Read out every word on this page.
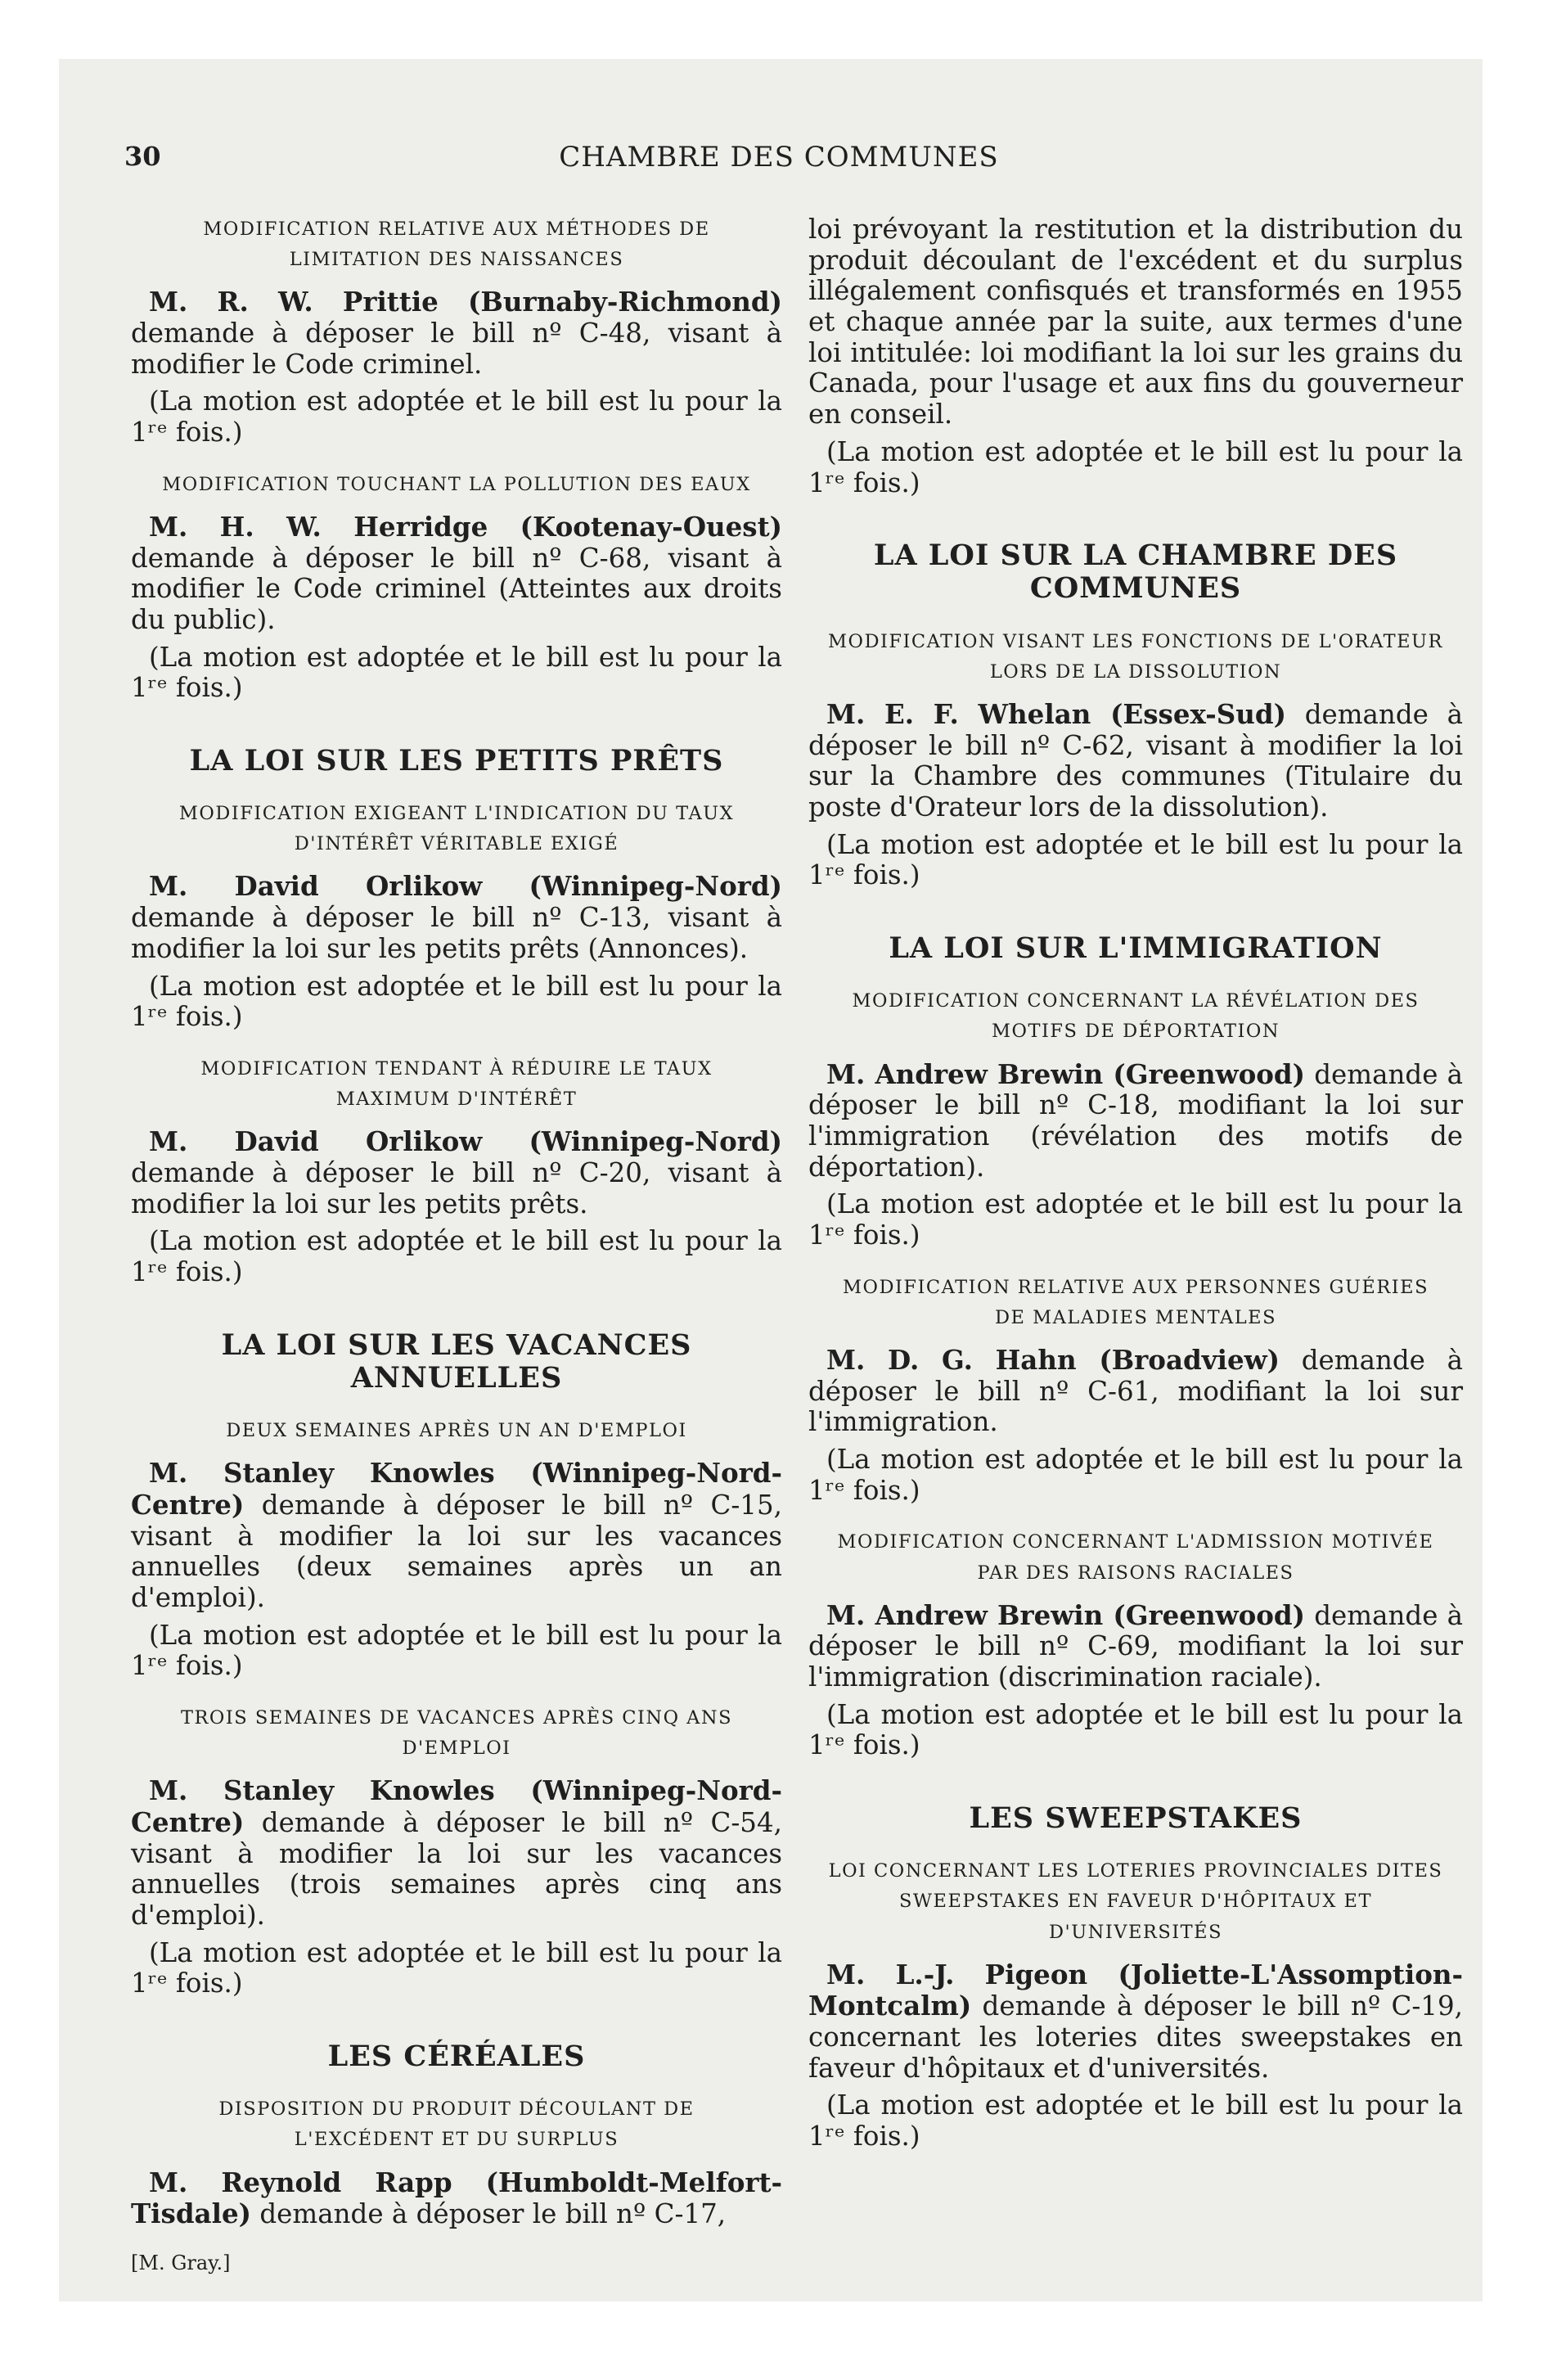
30	CHAMBRE DES COMMUNES
MODIFICATION RELATIVE AUX MÉTHODES DE LIMITATION DES NAISSANCES

M. R. W. Prittie (Burnaby-Richmond) demande à déposer le bill nº C-48, visant à modifier le Code criminel.

(La motion est adoptée et le bill est lu pour la 1ʳᵉ fois.)

MODIFICATION TOUCHANT LA POLLUTION DES EAUX

M. H. W. Herridge (Kootenay-Ouest) demande à déposer le bill nº C-68, visant à modifier le Code criminel (Atteintes aux droits du public).

(La motion est adoptée et le bill est lu pour la 1ʳᵉ fois.)

LA LOI SUR LES PETITS PRÊTS
MODIFICATION EXIGEANT L'INDICATION DU TAUX D'INTÉRÊT VÉRITABLE EXIGÉ

M. David Orlikow (Winnipeg-Nord) demande à déposer le bill nº C-13, visant à modifier la loi sur les petits prêts (Annonces).

(La motion est adoptée et le bill est lu pour la 1ʳᵉ fois.)

MODIFICATION TENDANT À RÉDUIRE LE TAUX MAXIMUM D'INTÉRÊT

M. David Orlikow (Winnipeg-Nord) demande à déposer le bill nº C-20, visant à modifier la loi sur les petits prêts.

(La motion est adoptée et le bill est lu pour la 1ʳᵉ fois.)

LA LOI SUR LES VACANCES ANNUELLES
DEUX SEMAINES APRÈS UN AN D'EMPLOI

M. Stanley Knowles (Winnipeg-Nord-Centre) demande à déposer le bill nº C-15, visant à modifier la loi sur les vacances annuelles (deux semaines après un an d'emploi).

(La motion est adoptée et le bill est lu pour la 1ʳᵉ fois.)

TROIS SEMAINES DE VACANCES APRÈS CINQ ANS D'EMPLOI

M. Stanley Knowles (Winnipeg-Nord-Centre) demande à déposer le bill nº C-54, visant à modifier la loi sur les vacances annuelles (trois semaines après cinq ans d'emploi).

(La motion est adoptée et le bill est lu pour la 1ʳᵉ fois.)

LES CÉRÉALES
DISPOSITION DU PRODUIT DÉCOULANT DE L'EXCÉDENT ET DU SURPLUS

M. Reynold Rapp (Humboldt-Melfort-Tisdale) demande à déposer le bill nº C-17,

[M. Gray.]

loi prévoyant la restitution et la distribution du produit découlant de l'excédent et du surplus illégalement confisqués et transformés en 1955 et chaque année par la suite, aux termes d'une loi intitulée: loi modifiant la loi sur les grains du Canada, pour l'usage et aux fins du gouverneur en conseil.

(La motion est adoptée et le bill est lu pour la 1ʳᵉ fois.)

LA LOI SUR LA CHAMBRE DES COMMUNES
MODIFICATION VISANT LES FONCTIONS DE L'ORATEUR LORS DE LA DISSOLUTION

M. E. F. Whelan (Essex-Sud) demande à déposer le bill nº C-62, visant à modifier la loi sur la Chambre des communes (Titulaire du poste d'Orateur lors de la dissolution).

(La motion est adoptée et le bill est lu pour la 1ʳᵉ fois.)

LA LOI SUR L'IMMIGRATION
MODIFICATION CONCERNANT LA RÉVÉLATION DES MOTIFS DE DÉPORTATION

M. Andrew Brewin (Greenwood) demande à déposer le bill nº C-18, modifiant la loi sur l'immigration (révélation des motifs de déportation).

(La motion est adoptée et le bill est lu pour la 1ʳᵉ fois.)

MODIFICATION RELATIVE AUX PERSONNES GUÉRIES DE MALADIES MENTALES

M. D. G. Hahn (Broadview) demande à déposer le bill nº C-61, modifiant la loi sur l'immigration.

(La motion est adoptée et le bill est lu pour la 1ʳᵉ fois.)

MODIFICATION CONCERNANT L'ADMISSION MOTIVÉE PAR DES RAISONS RACIALES

M. Andrew Brewin (Greenwood) demande à déposer le bill nº C-69, modifiant la loi sur l'immigration (discrimination raciale).

(La motion est adoptée et le bill est lu pour la 1ʳᵉ fois.)

LES SWEEPSTAKES
LOI CONCERNANT LES LOTERIES PROVINCIALES DITES SWEEPSTAKES EN FAVEUR D'HÔPITAUX ET D'UNIVERSITÉS

M. L.-J. Pigeon (Joliette-L'Assomption-Montcalm) demande à déposer le bill nº C-19, concernant les loteries dites sweepstakes en faveur d'hôpitaux et d'universités.

(La motion est adoptée et le bill est lu pour la 1ʳᵉ fois.)
